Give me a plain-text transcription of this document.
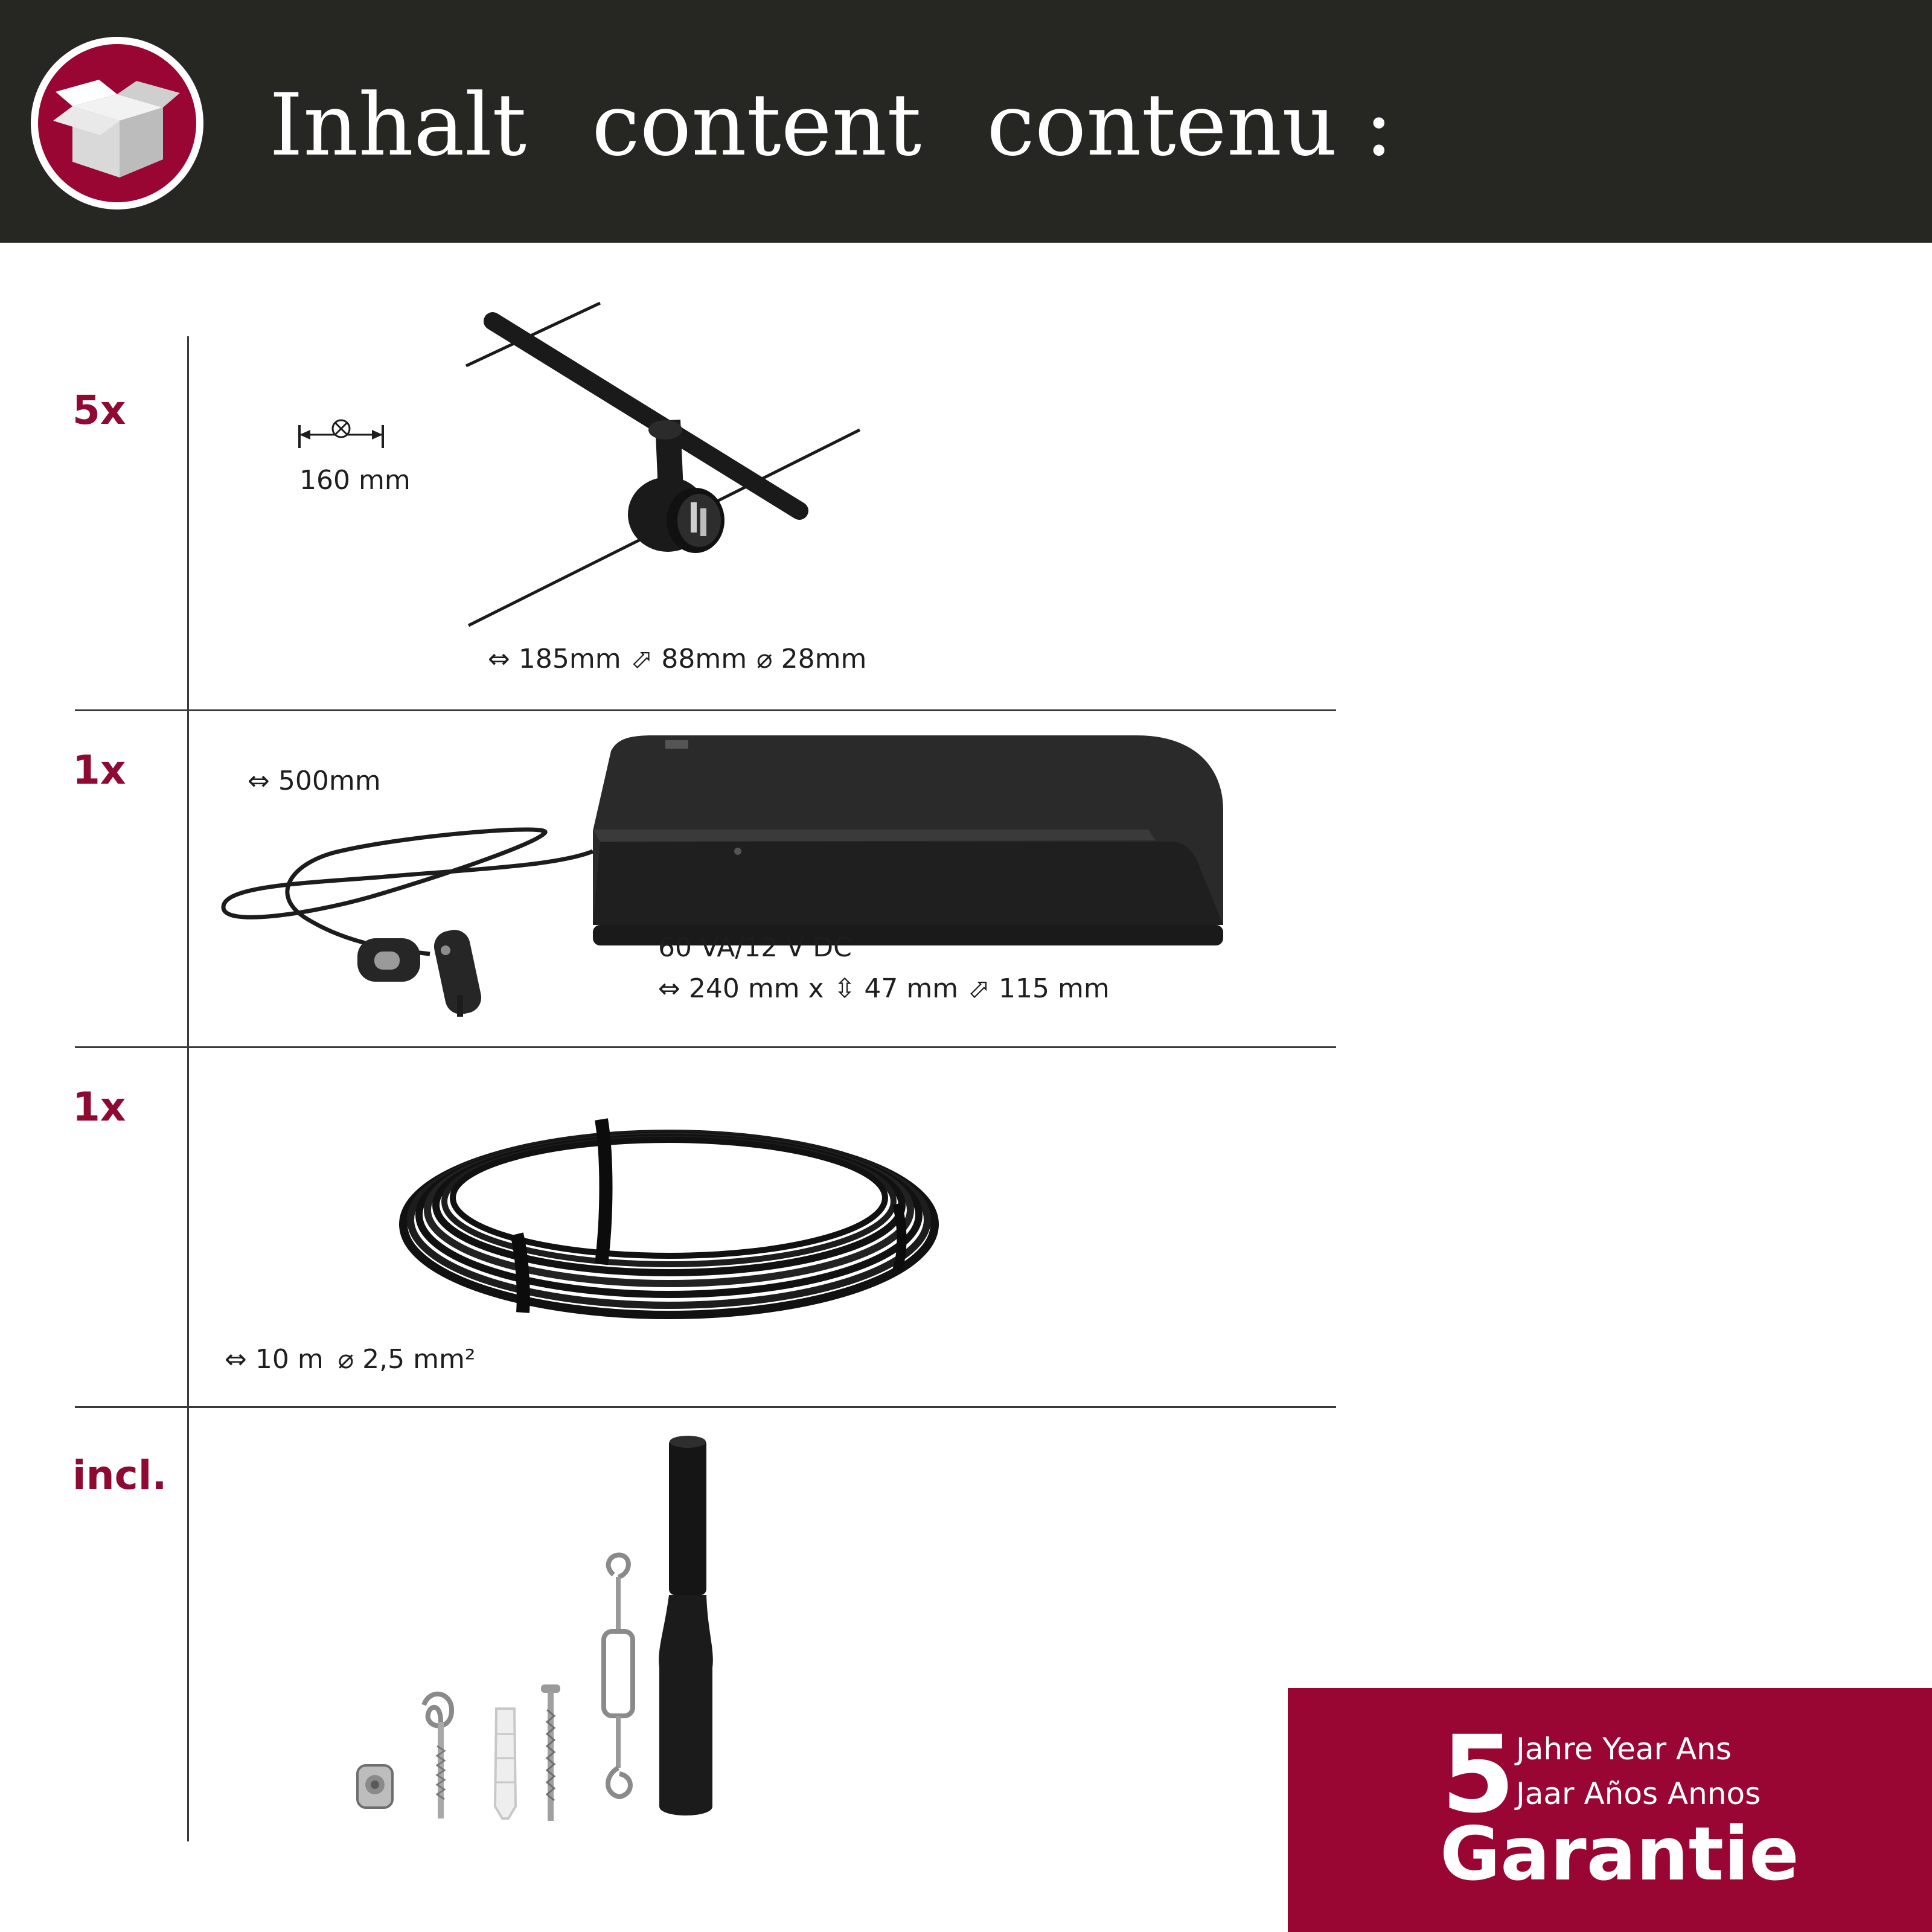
Inhalt content contenu :
5x
160 mm
⇔ 185mm ⬀ 88mm ⌀ 28mm
1x	⇔ 500mm
60 VA/12 V DC
⇔ 240 mm x ⇳ 47 mm ⬀ 115 mm
1x
⇔ 10 m ⌀ 2,5 mm²
incl.
5 Jahre Year Ans
Jaar Años Annos
Garantie
